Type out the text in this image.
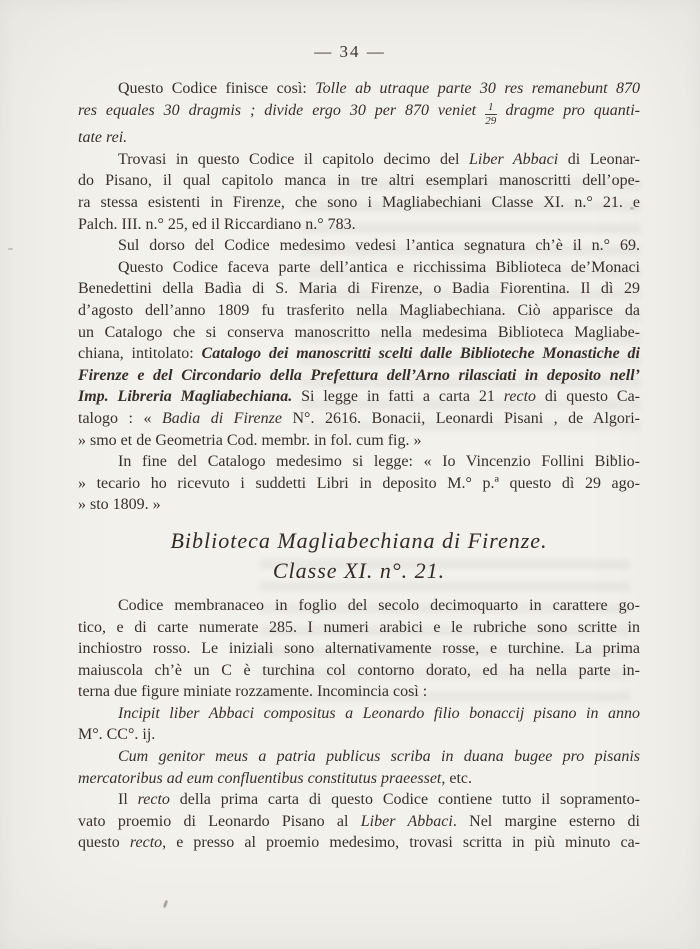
— 34 —
Questo Codice finisce così: Tolle ab utraque parte 30 res remanebunt 870
res equales 30 dragmis ; divide ergo 30 per 870 veniet $\frac{1}{29}$ dragme pro quanti-
tate rei.
Trovasi in questo Codice il capitolo decimo del Liber Abbaci di Leonar-
do Pisano, il qual capitolo manca in tre altri esemplari manoscritti dell’ope-
ra stessa esistenti in Firenze, che sono i Magliabechiani Classe XI. n.° 21. e
Palch. III. n.° 25, ed il Riccardiano n.° 783.
Sul dorso del Codice medesimo vedesi l’antica segnatura ch’è il n.° 69.
Questo Codice faceva parte dell’antica e ricchissima Biblioteca de’Monaci
Benedettini della Badìa di S. Maria di Firenze, o Badia Fiorentina. Il dì 29
d’agosto dell’anno 1809 fu trasferito nella Magliabechiana. Ciò apparisce da
un Catalogo che si conserva manoscritto nella medesima Biblioteca Magliabe-
chiana, intitolato: Catalogo dei manoscritti scelti dalle Biblioteche Monastiche di
Firenze e del Circondario della Prefettura dell’Arno rilasciati in deposito nell’
Imp. Libreria Magliabechiana. Si legge in fatti a carta 21 recto di questo Ca-
talogo : « Badia di Firenze N°. 2616. Bonacii, Leonardi Pisani , de Algori-
» smo et de Geometria Cod. membr. in fol. cum fig. »
In fine del Catalogo medesimo si legge: « Io Vincenzio Follini Biblio-
» tecario ho ricevuto i suddetti Libri in deposito M.° p.ª questo dì 29 ago-
» sto 1809. »
Biblioteca Magliabechiana di Firenze.
Classe XI. n°. 21.
Codice membranaceo in foglio del secolo decimoquarto in carattere go-
tico, e di carte numerate 285. I numeri arabici e le rubriche sono scritte in
inchiostro rosso. Le iniziali sono alternativamente rosse, e turchine. La prima
maiuscola ch’è un C è turchina col contorno dorato, ed ha nella parte in-
terna due figure miniate rozzamente. Incomincia così :
Incipit liber Abbaci compositus a Leonardo filio bonaccij pisano in anno
M°. CC°. ij.
Cum genitor meus a patria publicus scriba in duana bugee pro pisanis
mercatoribus ad eum confluentibus constitutus praeesset, etc.
Il recto della prima carta di questo Codice contiene tutto il sopramento-
vato proemio di Leonardo Pisano al Liber Abbaci. Nel margine esterno di
questo recto, e presso al proemio medesimo, trovasi scritta in più minuto ca-
